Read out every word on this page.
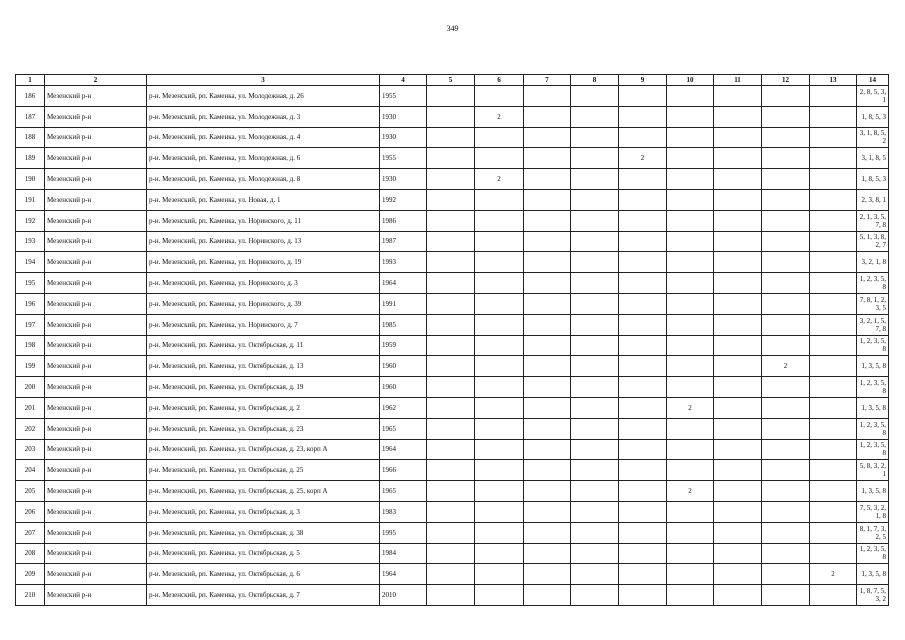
349
1	2	3	4	5	6	7	8	9	10	11	12	13	14
186	Мезенский р-н	р-н. Мезенский, рп. Каменка, ул. Молодежная, д. 26	1955										2, 8, 5, 3, 1
187	Мезенский р-н	р-н. Мезенский, рп. Каменка, ул. Молодежная, д. 3	1930		2								1, 8, 5, 3
188	Мезенский р-н	р-н. Мезенский, рп. Каменка, ул. Молодежная, д. 4	1930										3, 1, 8, 5, 2
189	Мезенский р-н	р-н. Мезенский, рп. Каменка, ул. Молодежная, д. 6	1955					2					3, 1, 8, 5
190	Мезенский р-н	р-н. Мезенский, рп. Каменка, ул. Молодежная, д. 8	1930		2								1, 8, 5, 3
191	Мезенский р-н	р-н. Мезенский, рп. Каменка, ул. Новая, д. 1	1992										2, 3, 8, 1
192	Мезенский р-н	р-н. Мезенский, рп. Каменка, ул. Норинского, д. 11	1986										2, 1, 3, 5, 7, 8
193	Мезенский р-н	р-н. Мезенский, рп. Каменка, ул. Норинского, д. 13	1987										5, 1, 3, 8, 2, 7
194	Мезенский р-н	р-н. Мезенский, рп. Каменка, ул. Норинского, д. 19	1993										3, 2, 1, 8
195	Мезенский р-н	р-н. Мезенский, рп. Каменка, ул. Норинского, д. 3	1964										1, 2, 3, 5, 8
196	Мезенский р-н	р-н. Мезенский, рп. Каменка, ул. Норинского, д. 39	1991										7, 8, 1, 2, 3, 5
197	Мезенский р-н	р-н. Мезенский, рп. Каменка, ул. Норинского, д. 7	1985										3, 2, 1, 5, 7, 8
198	Мезенский р-н	р-н. Мезенский, рп. Каменка, ул. Октябрьская, д. 11	1959										1, 2, 3, 5, 8
199	Мезенский р-н	р-н. Мезенский, рп. Каменка, ул. Октябрьская, д. 13	1960								2		1, 3, 5, 8
200	Мезенский р-н	р-н. Мезенский, рп. Каменка, ул. Октябрьская, д. 19	1960										1, 2, 3, 5, 8
201	Мезенский р-н	р-н. Мезенский, рп. Каменка, ул. Октябрьская, д. 2	1962						2				1, 3, 5, 8
202	Мезенский р-н	р-н. Мезенский, рп. Каменка, ул. Октябрьская, д. 23	1965										1, 2, 3, 5, 8
203	Мезенский р-н	р-н. Мезенский, рп. Каменка, ул. Октябрьская, д. 23, корп А	1964										1, 2, 3, 5, 8
204	Мезенский р-н	р-н. Мезенский, рп. Каменка, ул. Октябрьская, д. 25	1966										5, 8, 3, 2, 1
205	Мезенский р-н	р-н. Мезенский, рп. Каменка, ул. Октябрьская, д. 25, корп А	1965						2				1, 3, 5, 8
206	Мезенский р-н	р-н. Мезенский, рп. Каменка, ул. Октябрьская, д. 3	1983										7, 5, 3, 2, 1, 8
207	Мезенский р-н	р-н. Мезенский, рп. Каменка, ул. Октябрьская, д. 38	1995										8, 1, 7, 3, 2, 5
208	Мезенский р-н	р-н. Мезенский, рп. Каменка, ул. Октябрьская, д. 5	1984										1, 2, 3, 5, 8
209	Мезенский р-н	р-н. Мезенский, рп. Каменка, ул. Октябрьская, д. 6	1964									2	1, 3, 5, 8
210	Мезенский р-н	р-н. Мезенский, рп. Каменка, ул. Октябрьская, д. 7	2010										1, 8, 7, 5, 3, 2
